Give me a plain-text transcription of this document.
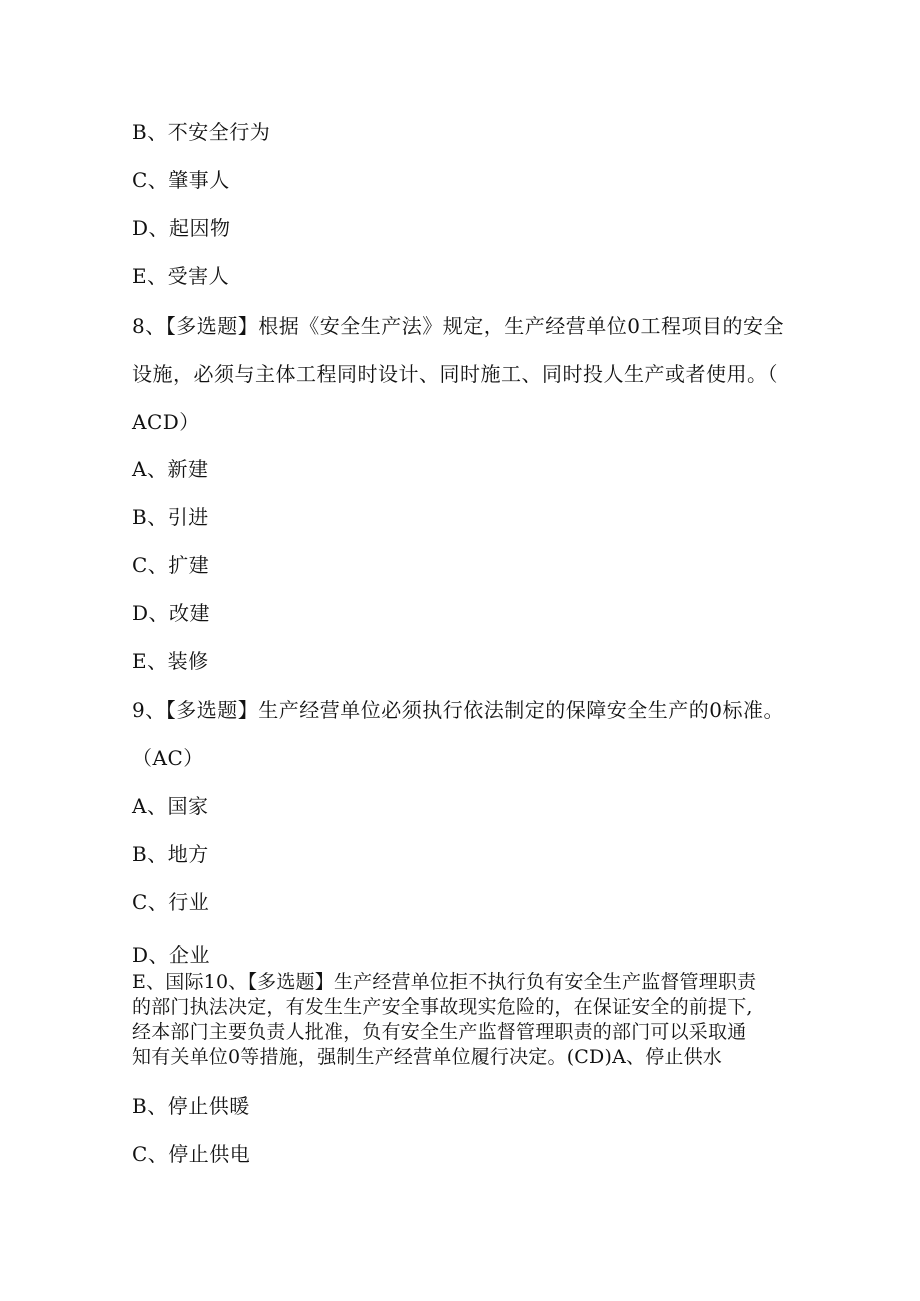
B、不安全行为
C、肇事人
D、起因物
E、受害人
8、【多选题】根据《安全生产法》规定，生产经营单位0工程项目的安全
设施，必须与主体工程同时设计、同时施工、同时投人生产或者使用。（
ACD）
A、新建
B、引进
C、扩建
D、改建
E、装修
9、【多选题】生产经营单位必须执行依法制定的保障安全生产的0标准。
（AC）
A、国家
B、地方
C、行业
D、企业
E、国际10、【多选题】生产经营单位拒不执行负有安全生产监督管理职责
的部门执法决定，有发生生产安全事故现实危险的，在保证安全的前提下,
经本部门主要负责人批准，负有安全生产监督管理职责的部门可以采取通
知有关单位0等措施，强制生产经营单位履行决定。(CD)A、停止供水
B、停止供暖
C、停止供电
